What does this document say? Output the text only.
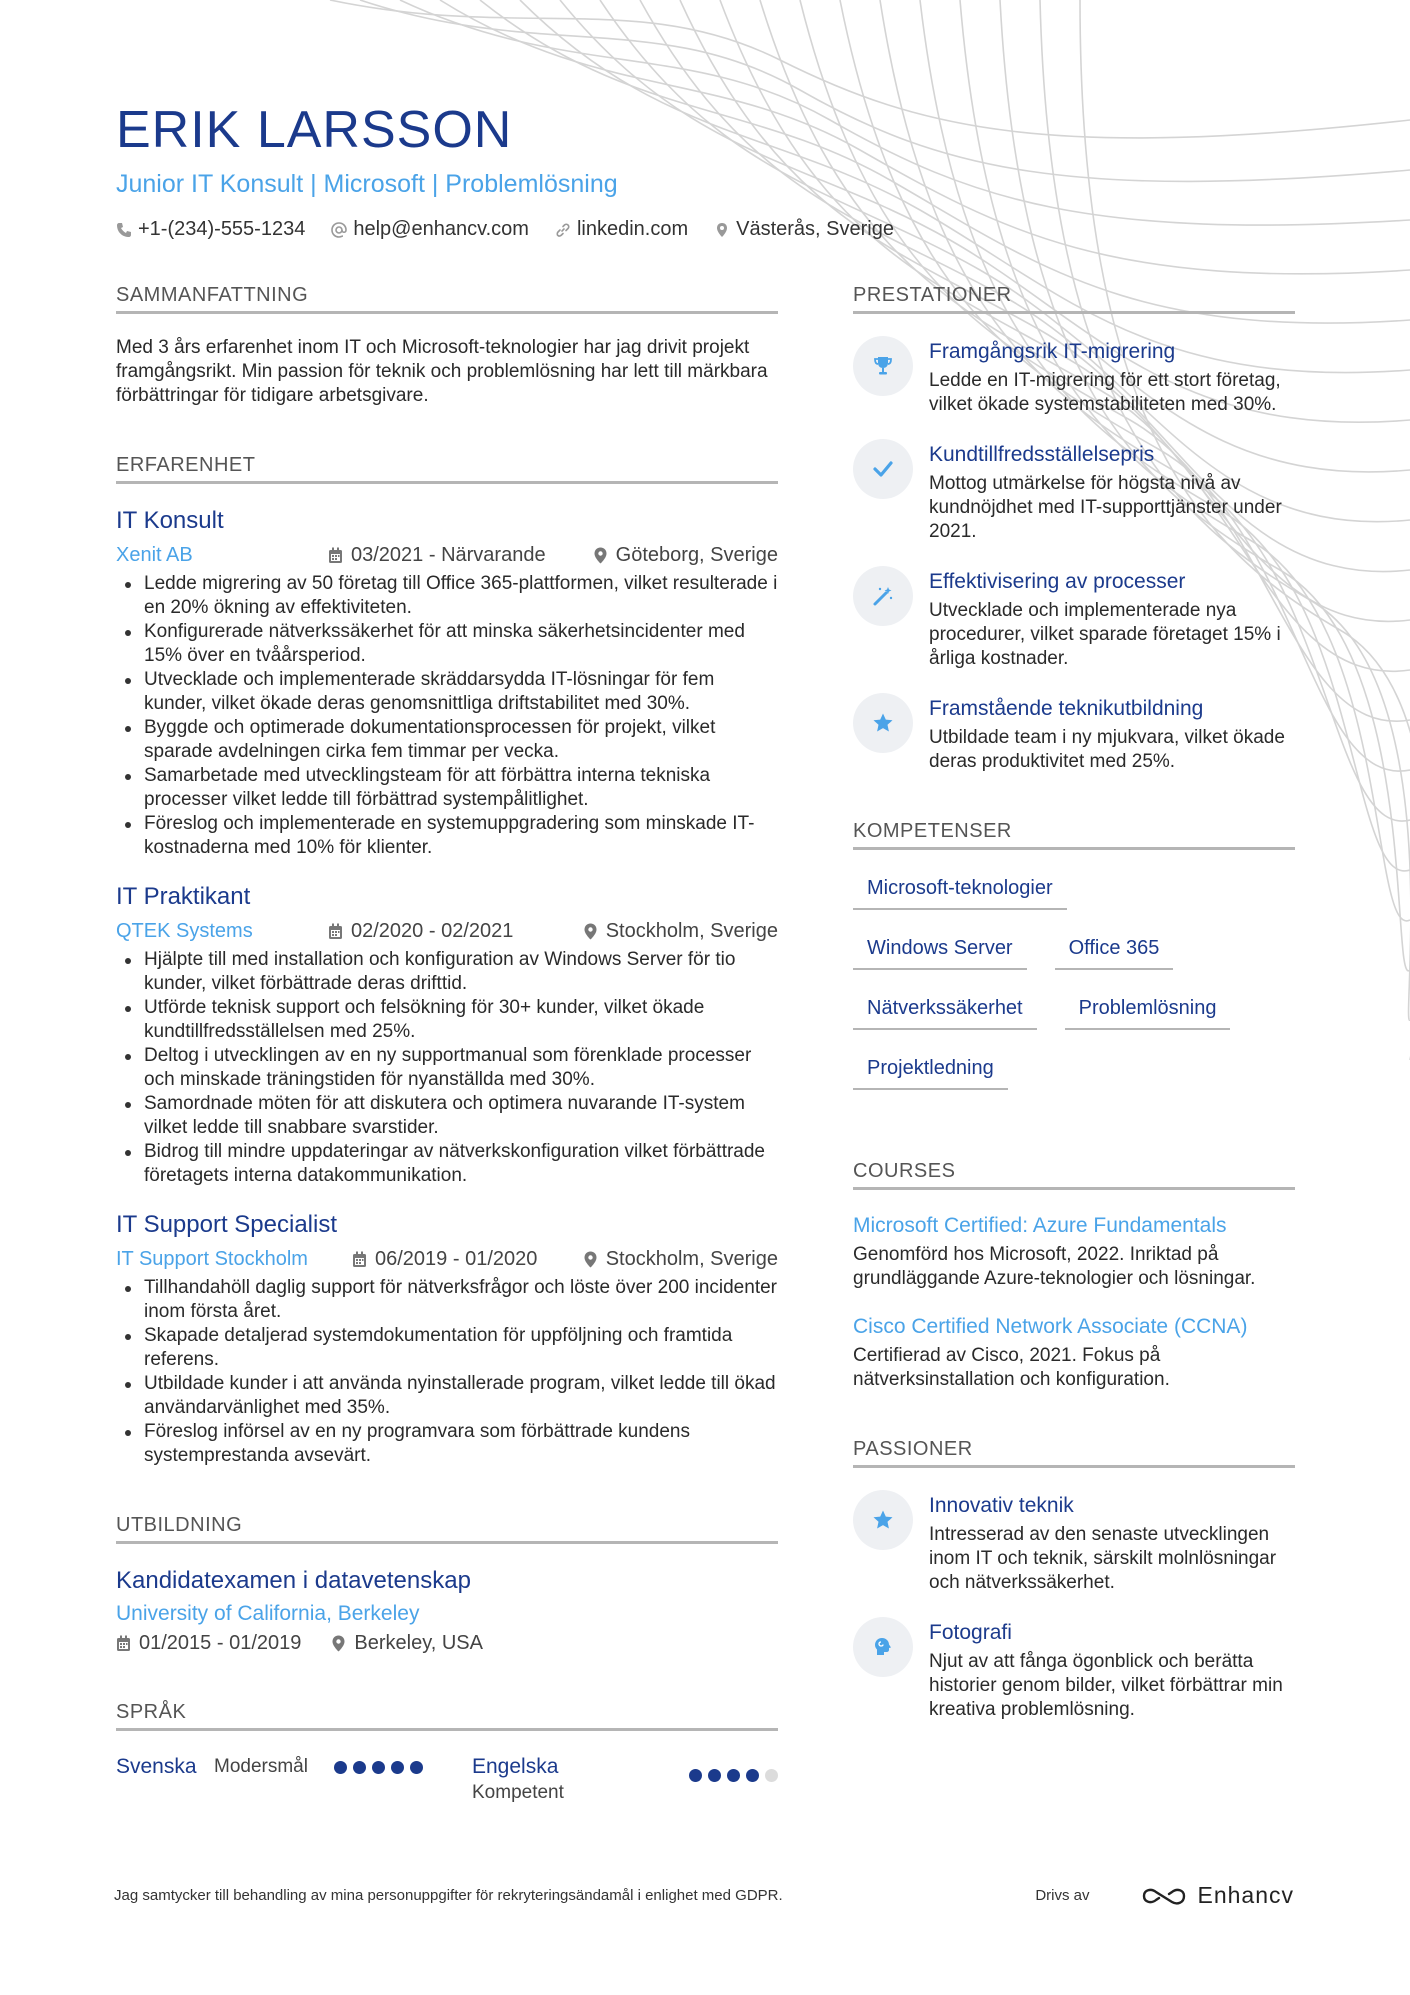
ERIK LARSSON
Junior IT Konsult | Microsoft | Problemlösning
+1-(234)-555-1234 help@enhancv.com linkedin.com Västerås, Sverige
SAMMANFATTNING

Med 3 års erfarenhet inom IT och Microsoft-teknologier har jag drivit projekt framgångsrikt. Min passion för teknik och problemlösning har lett till märkbara förbättringar för tidigare arbetsgivare.

ERFARENHET
IT Konsult
Xenit AB	03/2021 - Närvarande	Göteborg, Sverige
Ledde migrering av 50 företag till Office 365-plattformen, vilket resulterade i en 20% ökning av effektiviteten.
Konfigurerade nätverkssäkerhet för att minska säkerhetsincidenter med 15% över en tvåårsperiod.
Utvecklade och implementerade skräddarsydda IT-lösningar för fem kunder, vilket ökade deras genomsnittliga driftstabilitet med 30%.
Byggde och optimerade dokumentationsprocessen för projekt, vilket sparade avdelningen cirka fem timmar per vecka.
Samarbetade med utvecklingsteam för att förbättra interna tekniska processer vilket ledde till förbättrad systempålitlighet.
Föreslog och implementerade en systemuppgradering som minskade IT-kostnaderna med 10% för klienter.
IT Praktikant
QTEK Systems	02/2020 - 02/2021	Stockholm, Sverige
Hjälpte till med installation och konfiguration av Windows Server för tio kunder, vilket förbättrade deras drifttid.
Utförde teknisk support och felsökning för 30+ kunder, vilket ökade kundtillfredsställelsen med 25%.
Deltog i utvecklingen av en ny supportmanual som förenklade processer och minskade träningstiden för nyanställda med 30%.
Samordnade möten för att diskutera och optimera nuvarande IT-system vilket ledde till snabbare svarstider.
Bidrog till mindre uppdateringar av nätverkskonfiguration vilket förbättrade företagets interna datakommunikation.
IT Support Specialist
IT Support Stockholm	06/2019 - 01/2020	Stockholm, Sverige
Tillhandahöll daglig support för nätverksfrågor och löste över 200 incidenter inom första året.
Skapade detaljerad systemdokumentation för uppföljning och framtida referens.
Utbildade kunder i att använda nyinstallerade program, vilket ledde till ökad användarvänlighet med 35%.
Föreslog införsel av en ny programvara som förbättrade kundens systemprestanda avsevärt.
UTBILDNING
Kandidatexamen i datavetenskap
University of California, Berkeley
01/2015 - 01/2019	Berkeley, USA
SPRÅK
Svenska Modersmål	Engelska
Kompetent
PRESTATIONER
Framgångsrik IT-migrering
Ledde en IT-migrering för ett stort företag, vilket ökade systemstabiliteten med 30%.
Kundtillfredsställelsepris
Mottog utmärkelse för högsta nivå av kundnöjdhet med IT-supporttjänster under 2021.
Effektivisering av processer
Utvecklade och implementerade nya procedurer, vilket sparade företaget 15% i årliga kostnader.
Framstående teknikutbildning
Utbildade team i ny mjukvara, vilket ökade deras produktivitet med 25%.
KOMPETENSER
Microsoft-teknologier
Windows Server	Office 365
Nätverkssäkerhet	Problemlösning
Projektledning
COURSES
Microsoft Certified: Azure Fundamentals
Genomförd hos Microsoft, 2022. Inriktad på grundläggande Azure-teknologier och lösningar.
Cisco Certified Network Associate (CCNA)
Certifierad av Cisco, 2021. Fokus på nätverksinstallation och konfiguration.
PASSIONER
Innovativ teknik
Intresserad av den senaste utvecklingen inom IT och teknik, särskilt molnlösningar och nätverkssäkerhet.
Fotografi
Njut av att fånga ögonblick och berätta historier genom bilder, vilket förbättrar min kreativa problemlösning.
Jag samtycker till behandling av mina personuppgifter för rekryteringsändamål i enlighet med GDPR.	Drivs av	Enhancv
